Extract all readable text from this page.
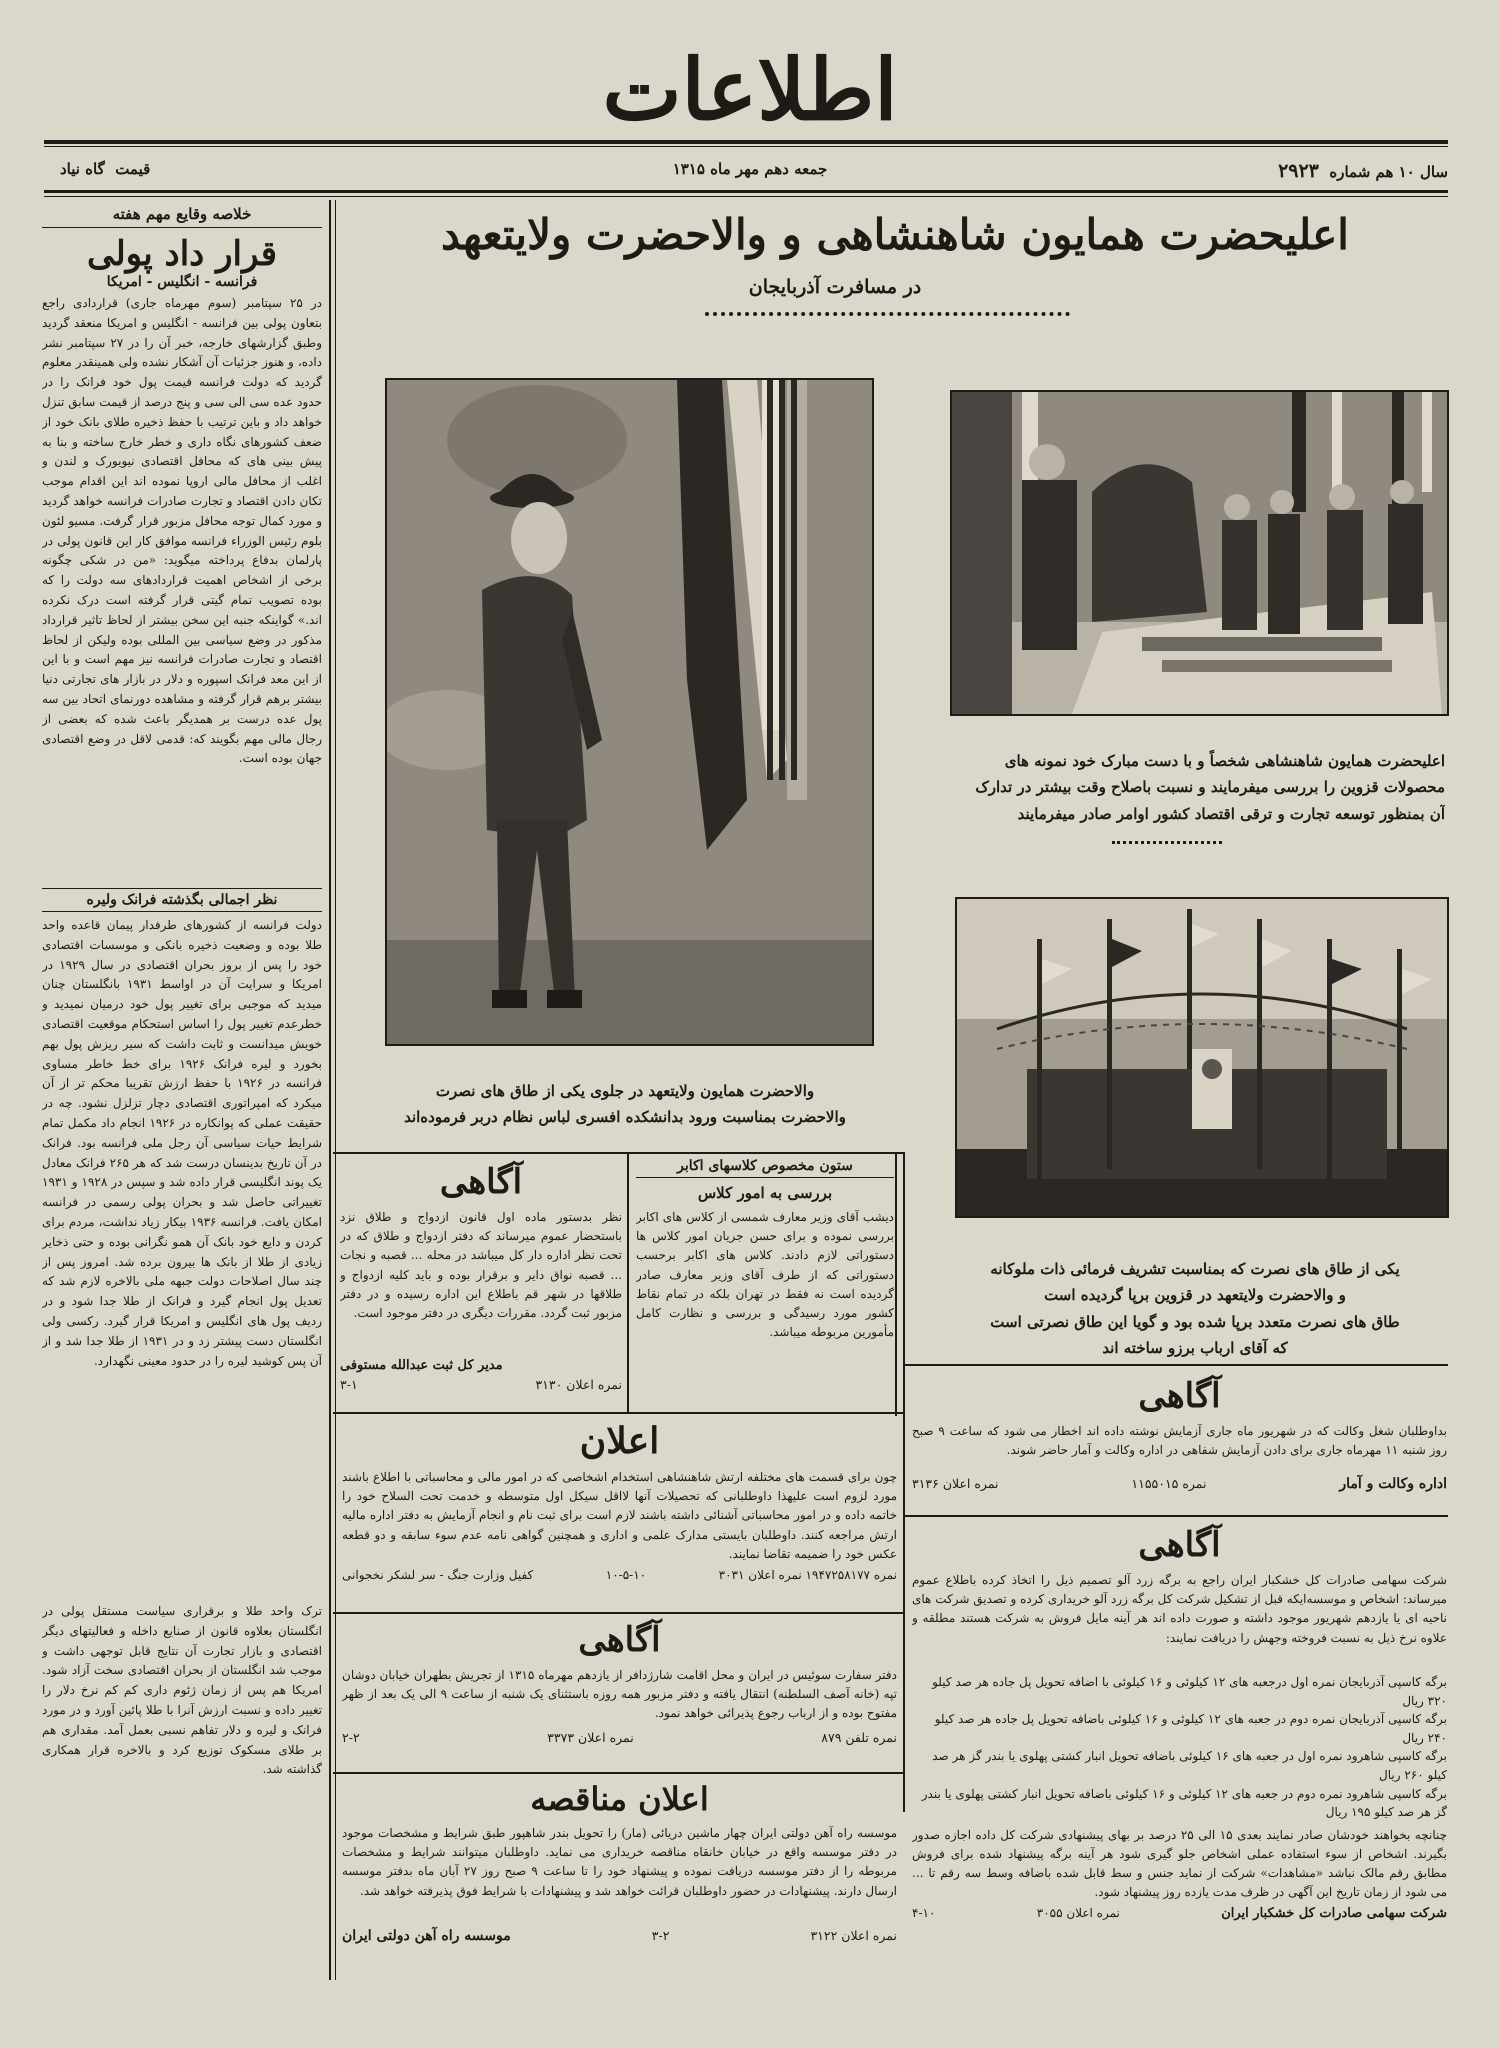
اطلاعات
سال ۱۰ هم شماره  ۲۹۲۳
جمعه دهم مهر ماه ۱۳۱۵
قیمت  گاه نیاد
اعلیحضرت همایون شاهنشاهی و والاحضرت ولایتعهد
در مسافرت آذربایجان
والاحضرت همایون ولایتعهد در جلوی یکی از طاق های نصرت
والاحضرت بمناسبت ورود بدانشکده افسری لباس نظام دربر فرموده‌اند
اعلیحضرت همایون شاهنشاهی شخصاً و با دست مبارک خود نمونه های
محصولات قزوین را بررسی میفرمایند و نسبت باصلاح وقت بیشتر در تدارک
آن بمنظور توسعه تجارت و ترقی اقتصاد کشور اوامر صادر میفرمایند
یکی از طاق های نصرت که بمناسبت تشریف فرمائی ذات ملوکانه
و والاحضرت ولایتعهد در قزوین برپا گردیده است
طاق های نصرت متعدد برپا شده بود و گویا این طاق نصرتی است
که آقای ارباب برزو ساخته اند
خلاصه وقایع مهم هفته
قرار داد پولی
فرانسه - انگلیس - امریکا
در ۲۵ سپتامبر (سوم مهرماه جاری) قراردادی راجع بتعاون پولی بین فرانسه - انگلیس و امریکا منعقد گردید وطبق گزارشهای خارجه، خبر آن را در ۲۷ سپتامبر نشر داده، و هنوز جزئیات آن آشکار نشده ولی همینقدر معلوم گردید که دولت فرانسه قیمت پول خود فرانک را در حدود عده سی الی سی و پنج درصد از قیمت سابق تنزل خواهد داد و باین ترتیب با حفظ ذخیره طلای بانک خود از ضعف کشورهای نگاه داری و خطر خارج ساخته و بنا به پیش بینی های که محافل اقتصادی نیویورک و لندن و اغلب از محافل مالی اروپا نموده اند این اقدام موجب تکان دادن اقتصاد و تجارت صادرات فرانسه خواهد گردید و مورد کمال توجه محافل مزبور قرار گرفت. مسیو لئون بلوم رئیس الوزراء فرانسه موافق کار این قانون پولی در پارلمان بدفاع پرداخته میگوید: «من در شکی چگونه برخی از اشخاص اهمیت قراردادهای سه دولت را که بوده تصویب تمام گیتی قرار گرفته است درک نکرده اند.» گواینکه جنبه این سخن بیشتر از لحاظ تاثیر قرارداد مذکور در وضع سیاسی بین المللی بوده ولیکن از لحاظ اقتصاد و تجارت صادرات فرانسه نیز مهم است و با این از این معد فرانک اسپوره و دلار در بازار های تجارتی دنیا بیشتر برهم قرار گرفته و مشاهده دورنمای اتحاد بین سه پول عده درست بر همدیگر باعث شده که بعضی از رجال مالی مهم بگویند که: قدمی لاقل در وضع اقتصادی جهان بوده است.
نظر اجمالی بگذشته فرانک ولیره
دولت فرانسه از کشورهای طرفدار پیمان قاعده واحد طلا بوده و وضعیت ذخیره بانکی و موسسات اقتصادی خود را پس از بروز بحران اقتصادی در سال ۱۹۲۹ در امریکا و سرایت آن در اواسط ۱۹۳۱ بانگلستان چنان میدید که موجبی برای تغییر پول خود درمیان نمیدید و خطرعدم تغییر پول را اساس استحکام موقعیت اقتصادی خویش میدانست و ثابت داشت که سیر ریزش پول بهم بخورد و لیره فرانک ۱۹۲۶ برای خط خاطر مساوی فرانسه در ۱۹۲۶ با حفظ ارزش تقریبا محکم تر از آن میکرد که امپراتوری اقتصادی دچار تزلزل نشود. چه در حقیقت عملی که پوانکاره در ۱۹۲۶ انجام داد مکمل تمام شرایط حیات سیاسی آن رجل ملی فرانسه بود. فرانک در آن تاریخ بدینسان درست شد که هر ۲۶۵ فرانک معادل یک پوند انگلیسی قرار داده شد و سپس در ۱۹۲۸ و ۱۹۳۱ تغییراتی حاصل شد و بحران پولی رسمی در فرانسه امکان یافت. فرانسه ۱۹۳۶ بیکار زیاد نداشت، مردم برای کردن و دایع خود بانک آن همو نگرانی بوده و حتی ذخایر زیادی از طلا از بانک ها بیرون برده شد. امروز پس از چند سال اصلاحات دولت جبهه ملی بالاخره لازم شد که تعدیل پول انجام گیرد و فرانک از طلا جدا شود و در ردیف پول های انگلیس و امریکا قرار گیرد. رکسی ولی انگلستان دست پیشتر زد و در ۱۹۳۱ از طلا جدا شد و از آن پس کوشید لیره را در حدود معینی نگهدارد.
ترک واحد طلا و برقراری سیاست مستقل پولی در انگلستان بعلاوه قانون از صنایع داخله و فعالیتهای دیگر اقتصادی و بازار تجارت آن نتایج قابل توجهی داشت و موجب شد انگلستان از بحران اقتصادی سخت آزاد شود. امریکا هم پس از زمان ژئوم داری کم کم نرخ دلار را تغییر داده و نسبت ارزش آنرا با طلا پائین آورد و در مورد فرانک و لیره و دلار تفاهم نسبی بعمل آمد. مقداری هم بر طلای مسکوک توزیع کرد و بالاخره قرار همکاری گذاشته شد.
ستون مخصوص کلاسهای اکابر
بررسی به امور کلاس
دیشب آقای وزیر معارف شمسی از کلاس های اکابر بررسی نموده و برای حسن جریان امور کلاس ها دستوراتی لازم دادند. کلاس های اکابر برحسب دستوراتی که از طرف آقای وزیر معارف صادر گردیده است نه فقط در تهران بلکه در تمام نقاط کشور مورد رسیدگی و بررسی و نظارت کامل مأمورین مربوطه میباشد.
آگاهی
نظر بدستور ماده اول قانون ازدواج و طلاق نزد باستحضار عموم میرساند که دفتر ازدواج و طلاق که در تحت نظر اداره دار کل میباشد در محله ... قصبه و نجات ... قصبه نواق دایر و برقرار بوده و باید کلیه ازدواج و طلاقها در شهر قم باطلاع این اداره رسیده و در دفتر مزبور ثبت گردد. مقررات دیگری در دفتر موجود است.
مدیر کل ثبت عبدالله مستوفی
نمره اعلان ۳۱۳۰
۳-۱
اعلان
چون برای قسمت های مختلفه ارتش شاهنشاهی استخدام اشخاصی که در امور مالی و محاسباتی با اطلاع باشند مورد لزوم است علیهذا داوطلبانی که تحصیلات آنها لااقل سیکل اول متوسطه و خدمت تحت السلاح خود را خاتمه داده و در امور محاسباتی آشنائی داشته باشند لازم است برای ثبت نام و انجام آزمایش به دفتر اداره مالیه ارتش مراجعه کنند. داوطلبان بایستی مدارک علمی و اداری و همچنین گواهی نامه عدم سوء سابقه و دو قطعه عکس خود را ضمیمه تقاضا نمایند.
نمره ۱۹۴۷۲۵۸۱۷۷ نمره اعلان ۳۰۳۱
۱۰-۵-۱۰
کفیل وزارت جنگ - سر لشکر نخجوانی
آگاهی
دفتر سفارت سوئیس در ایران و محل اقامت شارژدافر از یازدهم مهرماه ۱۳۱۵ از تجریش بطهران خیابان دوشان تپه (خانه آصف السلطنه) انتقال یافته و دفتر مزبور همه روزه باستثنای یک شنبه از ساعت ۹ الی یک بعد از ظهر مفتوح بوده و از ارباب رجوع پذیرائی خواهد نمود.
نمره تلفن ۸۷۹
نمره اعلان ۳۳۷۳
۲-۲
اعلان مناقصه
موسسه راه آهن دولتی ایران چهار ماشین دریائی (مار) را تحویل بندر شاهپور طبق شرایط و مشخصات موجود در دفتر موسسه واقع در خیابان خانقاه مناقصه خریداری می نماید. داوطلبان میتوانند شرایط و مشخصات مربوطه را از دفتر موسسه دریافت نموده و پیشنهاد خود را تا ساعت ۹ صبح روز ۲۷ آبان ماه بدفتر موسسه ارسال دارند. پیشنهادات در حضور داوطلبان قرائت خواهد شد و پیشنهادات با شرایط فوق پذیرفته خواهد شد.
نمره اعلان ۳۱۲۲
۳-۲
موسسه راه آهن دولتی ایران
آگاهی
بداوطلبان شغل وکالت که در شهریور ماه جاری آزمایش نوشته داده اند اخطار می شود که ساعت ۹ صبح روز شنبه ۱۱ مهرماه جاری برای دادن آزمایش شفاهی در اداره وکالت و آمار حاضر شوند.
اداره وکالت و آمار
نمره ۱۱۵۵۰۱۵
نمره اعلان ۳۱۳۶
آگاهی
شرکت سهامی صادرات کل خشکبار ایران راجع به برگه زرد آلو تصمیم ذیل را اتخاذ کرده باطلاع عموم میرساند: اشخاص و موسسه‌ایکه قبل از تشکیل شرکت کل برگه زرد آلو خریداری کرده و تصدیق شرکت های ناحیه ای یا یازدهم شهریور موجود داشته و صورت داده اند هر آینه مایل فروش به شرکت هستند مطلقه و علاوه نرخ ذیل به نسبت فروخته وجهش را دریافت نمایند:
برگه کاسپی آذربایجان نمره اول درجعبه های ۱۲ کیلوئی و ۱۶ کیلوئی با اضافه تحویل پل جاده هر صد کیلو ۳۲۰ ریال
برگه کاسپی آذربایجان نمره دوم در جعبه های ۱۲ کیلوئی و ۱۶ کیلوئی باضافه تحویل پل جاده هر صد کیلو ۲۴۰ ریال
برگه کاسپی شاهرود نمره اول در جعبه های ۱۶ کیلوئی باضافه تحویل انبار کشتی پهلوی یا بندر گز هر صد کیلو ۲۶۰ ریال
برگه کاسپی شاهرود نمره دوم در جعبه های ۱۲ کیلوئی و ۱۶ کیلوئی باضافه تحویل انبار کشتی پهلوی یا بندر گز هر صد کیلو ۱۹۵ ریال
چنانچه بخواهند خودشان صادر نمایند بعدی ۱۵ الی ۲۵ درصد بر بهای پیشنهادی شرکت کل داده اجازه صدور بگیرند. اشخاص از سوء استفاده عملی اشخاص جلو گیری شود هر آینه برگه پیشنهاد شده برای فروش مطابق رقم مالک نباشد «مشاهدات» شرکت از نماید جنس و سط قابل شده باضافه وسط سه رقم تا ... می شود از زمان تاریخ این آگهی در ظرف مدت یازده روز پیشنهاد شود.
شرکت سهامی صادرات کل خشکبار ایران
نمره اعلان ۳۰۵۵
۴-۱۰
